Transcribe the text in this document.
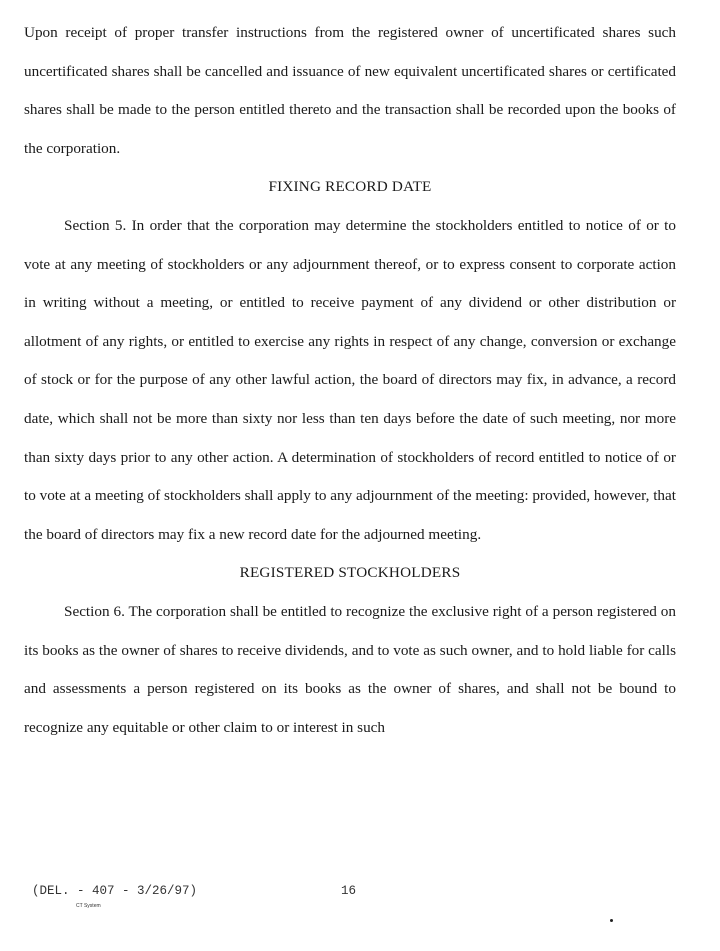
Upon receipt of proper transfer instructions from the registered owner of uncertificated shares such uncertificated shares shall be cancelled and issuance of new equivalent uncertificated shares or certificated shares shall be made to the person entitled thereto and the transaction shall be recorded upon the books of the corporation.

FIXING RECORD DATE

Section 5. In order that the corporation may determine the stockholders entitled to notice of or to vote at any meeting of stockholders or any adjournment thereof, or to express consent to corporate action in writing without a meeting, or entitled to receive payment of any dividend or other distribution or allotment of any rights, or entitled to exercise any rights in respect of any change, conversion or exchange of stock or for the purpose of any other lawful action, the board of directors may fix, in advance, a record date, which shall not be more than sixty nor less than ten days before the date of such meeting, nor more than sixty days prior to any other action. A determination of stockholders of record entitled to notice of or to vote at a meeting of stockholders shall apply to any adjournment of the meeting: provided, however, that the board of directors may fix a new record date for the adjourned meeting.

REGISTERED STOCKHOLDERS

Section 6. The corporation shall be entitled to recognize the exclusive right of a person registered on its books as the owner of shares to receive dividends, and to vote as such owner, and to hold liable for calls and assessments a person registered on its books as the owner of shares, and shall not be bound to recognize any equitable or other claim to or interest in such

(DEL. - 407 - 3/26/97)
CT System
16
